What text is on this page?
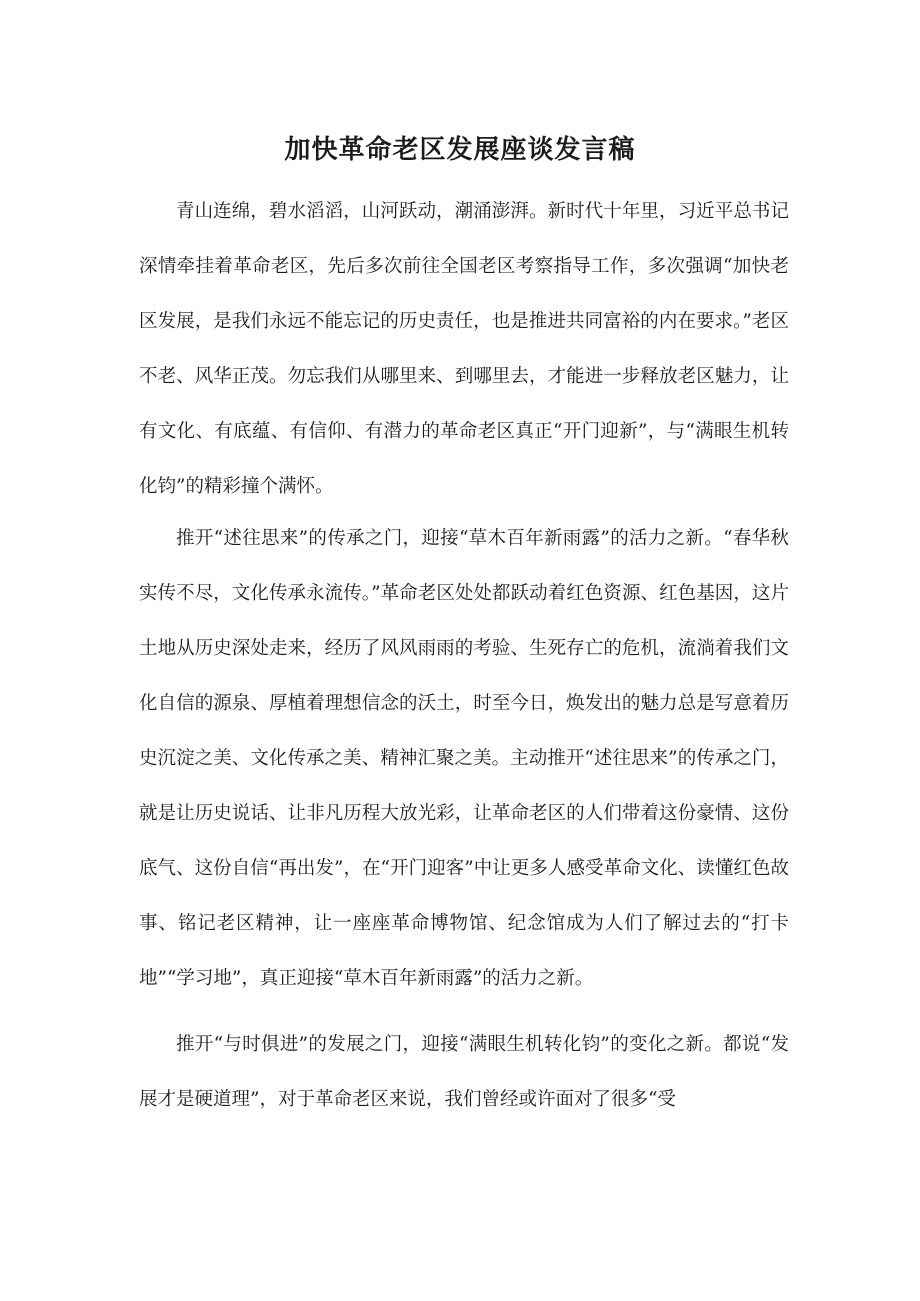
加快革命老区发展座谈发言稿

青山连绵，碧水滔滔，山河跃动，潮涌澎湃。新时代十年里，习近平总书记深情牵挂着革命老区，先后多次前往全国老区考察指导工作，多次强调“加快老区发展，是我们永远不能忘记的历史责任，也是推进共同富裕的内在要求。”老区不老、风华正茂。勿忘我们从哪里来、到哪里去，才能进一步释放老区魅力，让有文化、有底蕴、有信仰、有潜力的革命老区真正“开门迎新”，与“满眼生机转化钧”的精彩撞个满怀。

推开“述往思来”的传承之门，迎接“草木百年新雨露”的活力之新。“春华秋实传不尽，文化传承永流传。”革命老区处处都跃动着红色资源、红色基因，这片土地从历史深处走来，经历了风风雨雨的考验、生死存亡的危机，流淌着我们文化自信的源泉、厚植着理想信念的沃土，时至今日，焕发出的魅力总是写意着历史沉淀之美、文化传承之美、精神汇聚之美。主动推开“述往思来”的传承之门，就是让历史说话、让非凡历程大放光彩，让革命老区的人们带着这份豪情、这份底气、这份自信“再出发”，在“开门迎客”中让更多人感受革命文化、读懂红色故事、铭记老区精神，让一座座革命博物馆、纪念馆成为人们了解过去的“打卡地”“学习地”，真正迎接“草木百年新雨露”的活力之新。

推开“与时俱进”的发展之门，迎接“满眼生机转化钧”的变化之新。都说“发展才是硬道理”，对于革命老区来说，我们曾经或许面对了很多“受
